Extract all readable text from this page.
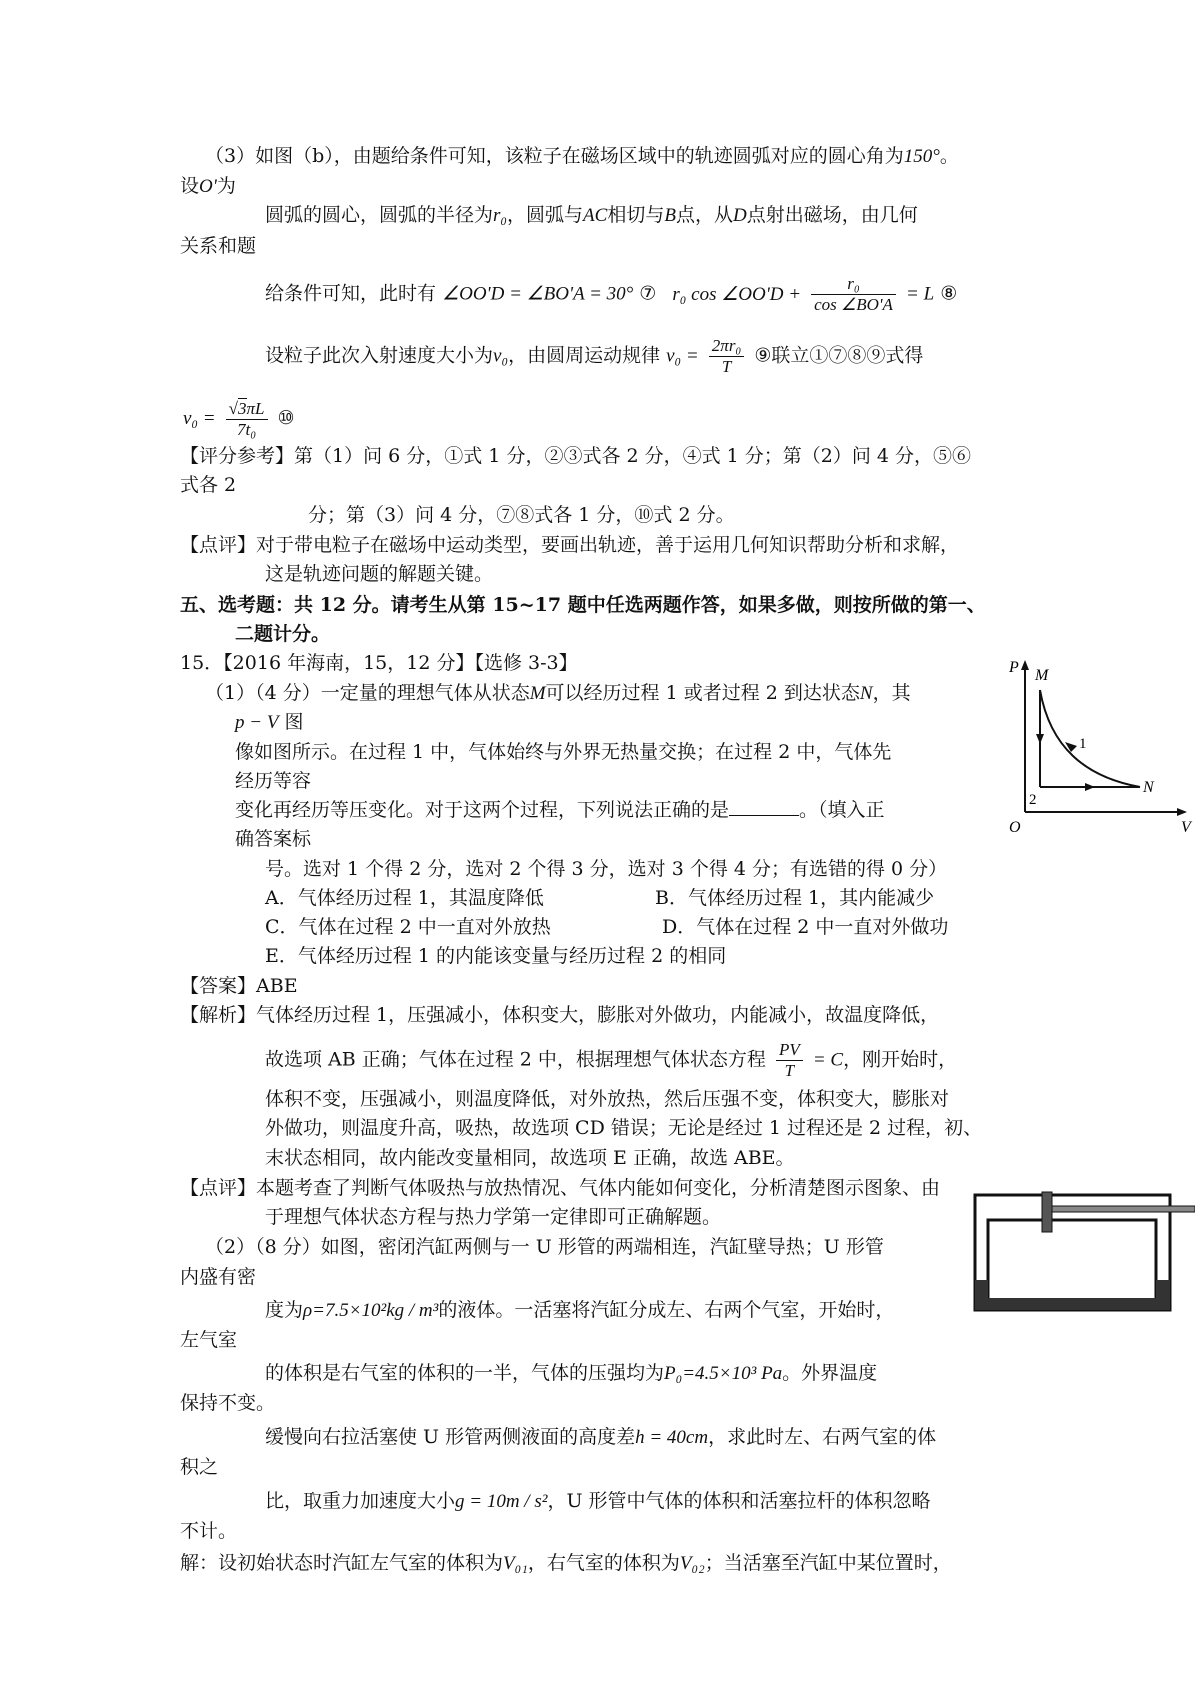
（3）如图（b），由题给条件可知，该粒子在磁场区域中的轨迹圆弧对应的圆心角为150°。
设O'为
圆弧的圆心，圆弧的半径为r₀，圆弧与AC相切与B点，从D点射出磁场，由几何
关系和题
给条件可知，此时有 ∠OO'D = ∠BO'A = 30° ⑦ r₀ cos ∠OO'D + $\frac{\text{r₀}}{\cos \angle BO'A} = L$ ⑧
设粒子此次入射速度大小为v₀，由圆周运动规律 $v_0 = \frac{\text{2πr₀}}{T}$ ⑨联立①⑦⑧⑨式得
$v_0 = \frac{√3\pi L}{\text{7t₀}}$ ⑩
【评分参考】第（1）问 6 分，①式 1 分，②③式各 2 分，④式 1 分；第（2）问 4 分，⑤⑥
式各 2
分；第（3）问 4 分，⑦⑧式各 1 分，⑩式 2 分。
【点评】对于带电粒子在磁场中运动类型，要画出轨迹，善于运用几何知识帮助分析和求解，
这是轨迹问题的解题关键。
五、选考题：共 12 分。请考生从第 15~17 题中任选两题作答，如果多做，则按所做的第一、
二题计分。
15．【2016 年海南，15，12 分】【选修 3-3】
（1）（4 分）一定量的理想气体从状态M可以经历过程 1 或者过程 2 到达状态N，其
p − V 图
像如图所示。在过程 1 中，气体始终与外界无热量交换；在过程 2 中，气体先
经历等容
变化再经历等压变化。对于这两个过程，下列说法正确的是	。（填入正
确答案标
号。选对 1 个得 2 分，选对 2 个得 3 分，选对 3 个得 4 分；有选错的得 0 分）
A．气体经历过程 1，其温度降低	B．气体经历过程 1，其内能减少
C．气体在过程 2 中一直对外放热	D．气体在过程 2 中一直对外做功
E．气体经历过程 1 的内能该变量与经历过程 2 的相同
【答案】ABE
【解析】气体经历过程 1，压强减小，体积变大，膨胀对外做功，内能减小，故温度降低，
故选项 AB 正确；气体在过程 2 中，根据理想气体状态方程 $\frac{PV}{T} = C$，刚开始时，
体积不变，压强减小，则温度降低，对外放热，然后压强不变，体积变大，膨胀对
外做功，则温度升高，吸热，故选项 CD 错误；无论是经过 1 过程还是 2 过程，初、
末状态相同，故内能改变量相同，故选项 E 正确，故选 ABE。
【点评】本题考查了判断气体吸热与放热情况、气体内能如何变化，分析清楚图示图象、由
于理想气体状态方程与热力学第一定律即可正确解题。
（2）（8 分）如图，密闭汽缸两侧与一 U 形管的两端相连，汽缸壁导热；U 形管
内盛有密
度为ρ=7.5×10²kg / m³的液体。一活塞将汽缸分成左、右两个气室，开始时，
左气室
的体积是右气室的体积的一半，气体的压强均为P₀=4.5×10³ Pa。外界温度
保持不变。
缓慢向右拉活塞使 U 形管两侧液面的高度差h = 40cm，求此时左、右两气室的体
积之
比，取重力加速度大小g = 10m / s²，U 形管中气体的体积和活塞拉杆的体积忽略
不计。
解：设初始状态时汽缸左气室的体积为V₀₁，右气室的体积为V₀₂；当活塞至汽缸中某位置时，
P
V
O
M
N
1
2
